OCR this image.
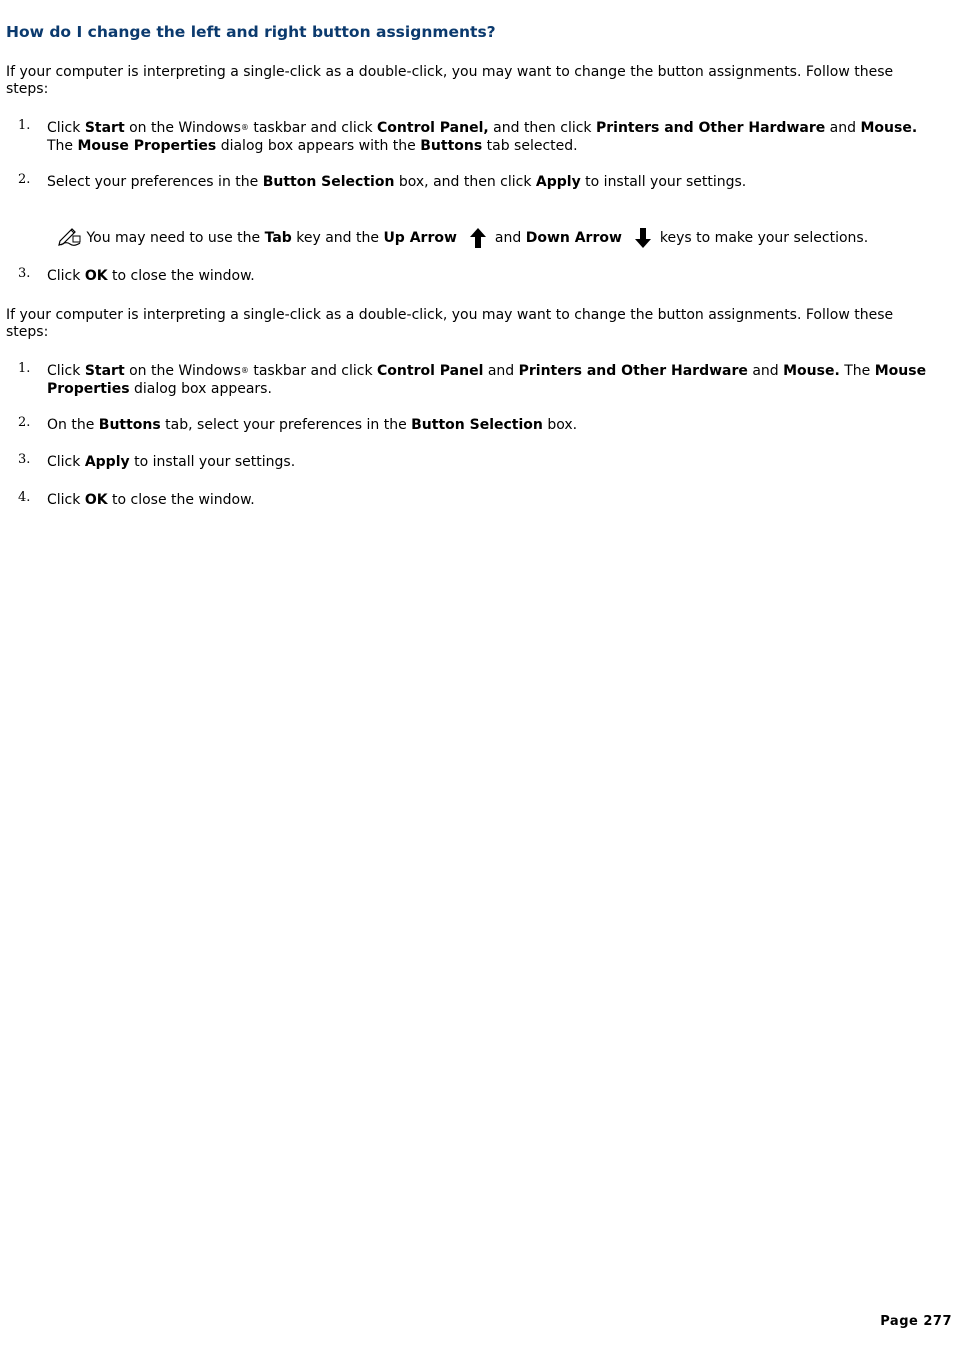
How do I change the left and right button assignments?

If your computer is interpreting a single-click as a double-click, you may want to change the button assignments. Follow these steps:

1. Click Start on the Windows® taskbar and click Control Panel, and then click Printers and Other Hardware and Mouse. The Mouse Properties dialog box appears with the Buttons tab selected.
2. Select your preferences in the Button Selection box, and then click Apply to install your settings.
You may need to use the Tab key and the Up Arrow	and Down Arrow	keys to make your selections.
3. Click OK to close the window.

If your computer is interpreting a single-click as a double-click, you may want to change the button assignments. Follow these steps:

1. Click Start on the Windows® taskbar and click Control Panel and Printers and Other Hardware and Mouse. The Mouse Properties dialog box appears.
2. On the Buttons tab, select your preferences in the Button Selection box.
3. Click Apply to install your settings.
4. Click OK to close the window.
Page 277
